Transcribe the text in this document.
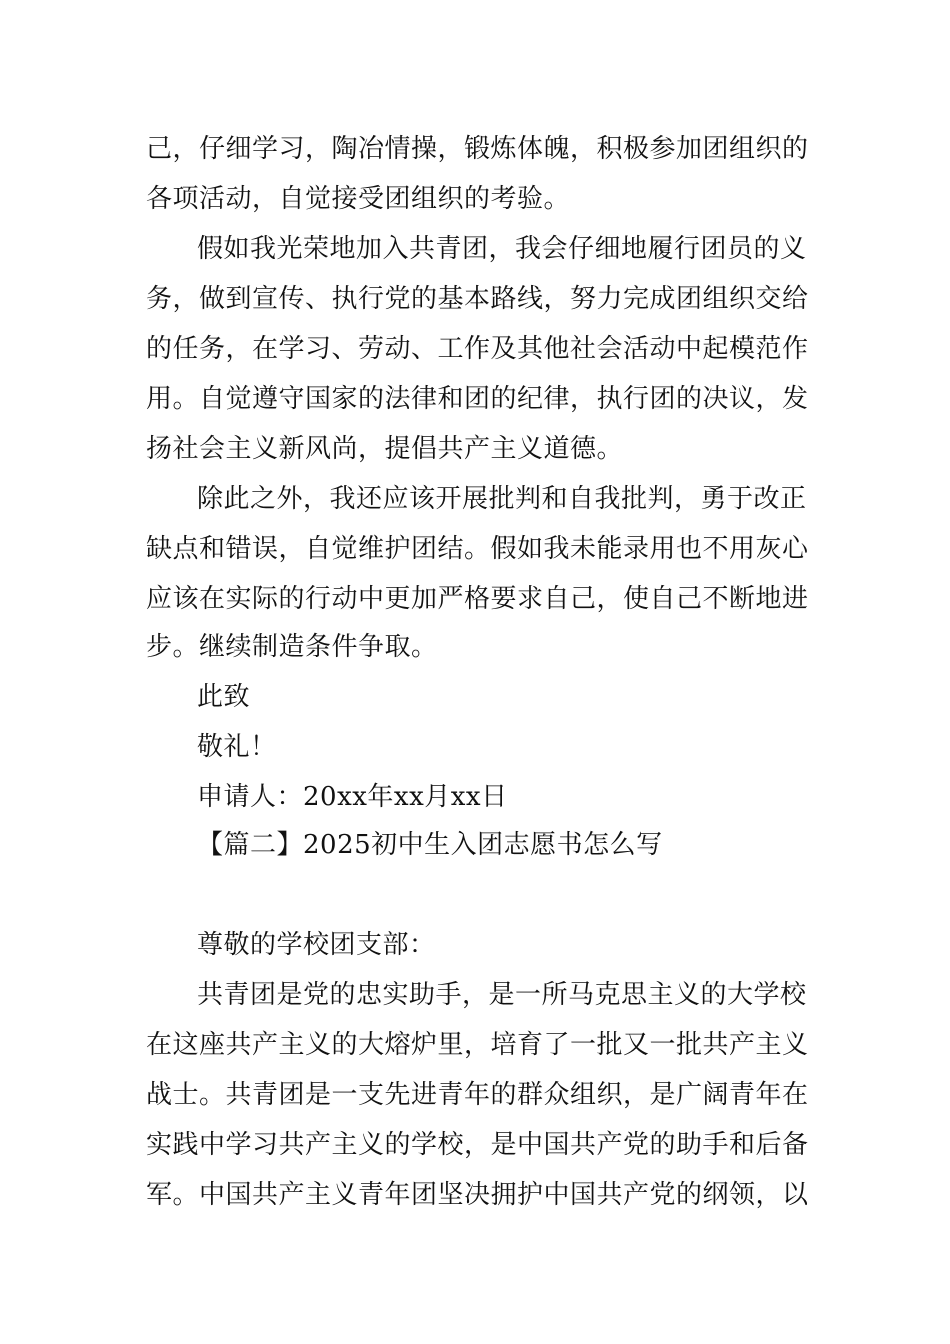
己，仔细学习，陶冶情操，锻炼体魄，积极参加团组织的
各项活动，自觉接受团组织的考验。
假如我光荣地加入共青团，我会仔细地履行团员的义
务，做到宣传、执行党的基本路线，努力完成团组织交给
的任务，在学习、劳动、工作及其他社会活动中起模范作
用。自觉遵守国家的法律和团的纪律，执行团的决议，发
扬社会主义新风尚，提倡共产主义道德。
除此之外，我还应该开展批判和自我批判，勇于改正
缺点和错误，自觉维护团结。假如我未能录用也不用灰心
应该在实际的行动中更加严格要求自己，使自己不断地进
步。继续制造条件争取。
此致
敬礼！
申请人：20xx年xx月xx日
【篇二】2025初中生入团志愿书怎么写
尊敬的学校团支部：
共青团是党的忠实助手，是一所马克思主义的大学校
在这座共产主义的大熔炉里，培育了一批又一批共产主义
战士。共青团是一支先进青年的群众组织，是广阔青年在
实践中学习共产主义的学校，是中国共产党的助手和后备
军。中国共产主义青年团坚决拥护中国共产党的纲领，以
